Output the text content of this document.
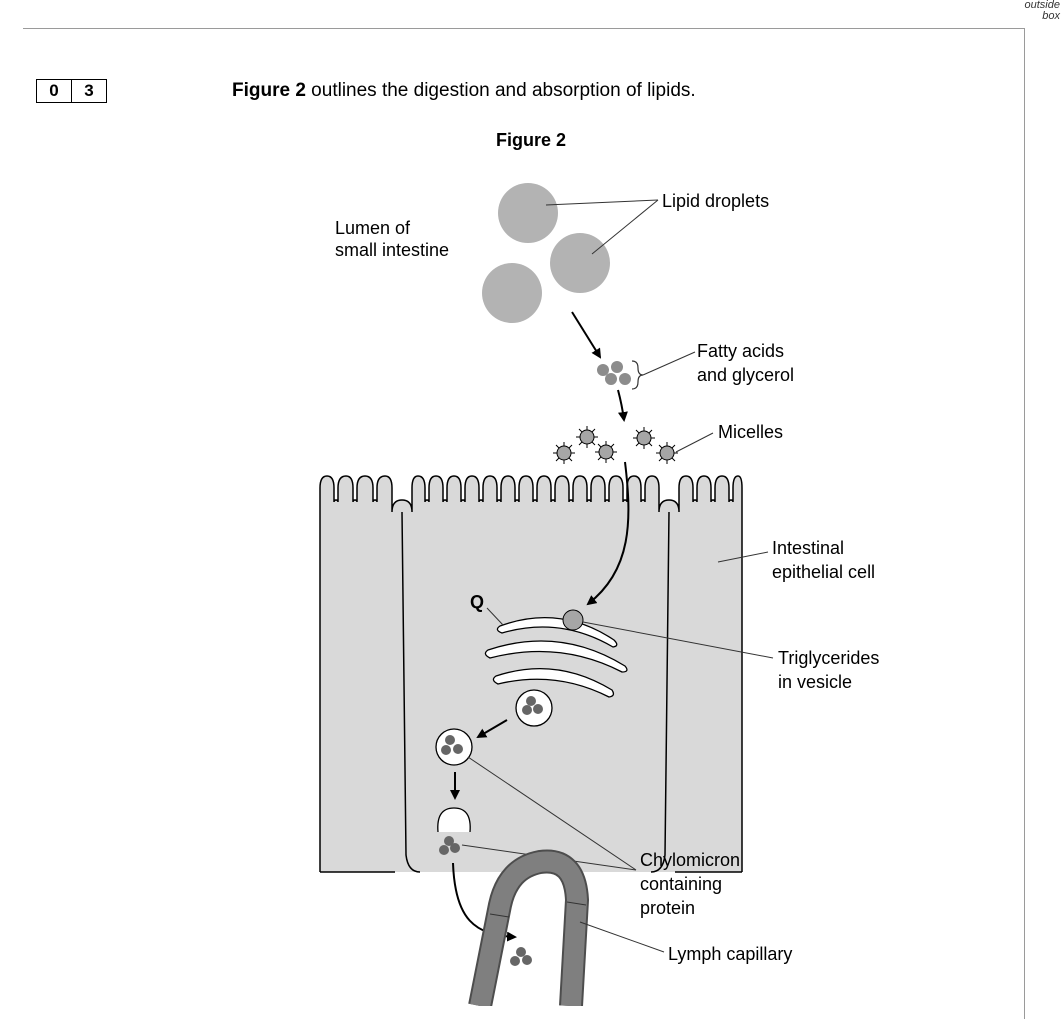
outside
box
0	3	Figure 2 outlines the digestion and absorption of lipids.
Figure 2
Lumen of small intestine
Lipid droplets
Fatty acids and glycerol
Micelles
Intestinal epithelial cell
Q
Triglycerides in vesicle
Chylomicron containing protein
Lymph capillary
